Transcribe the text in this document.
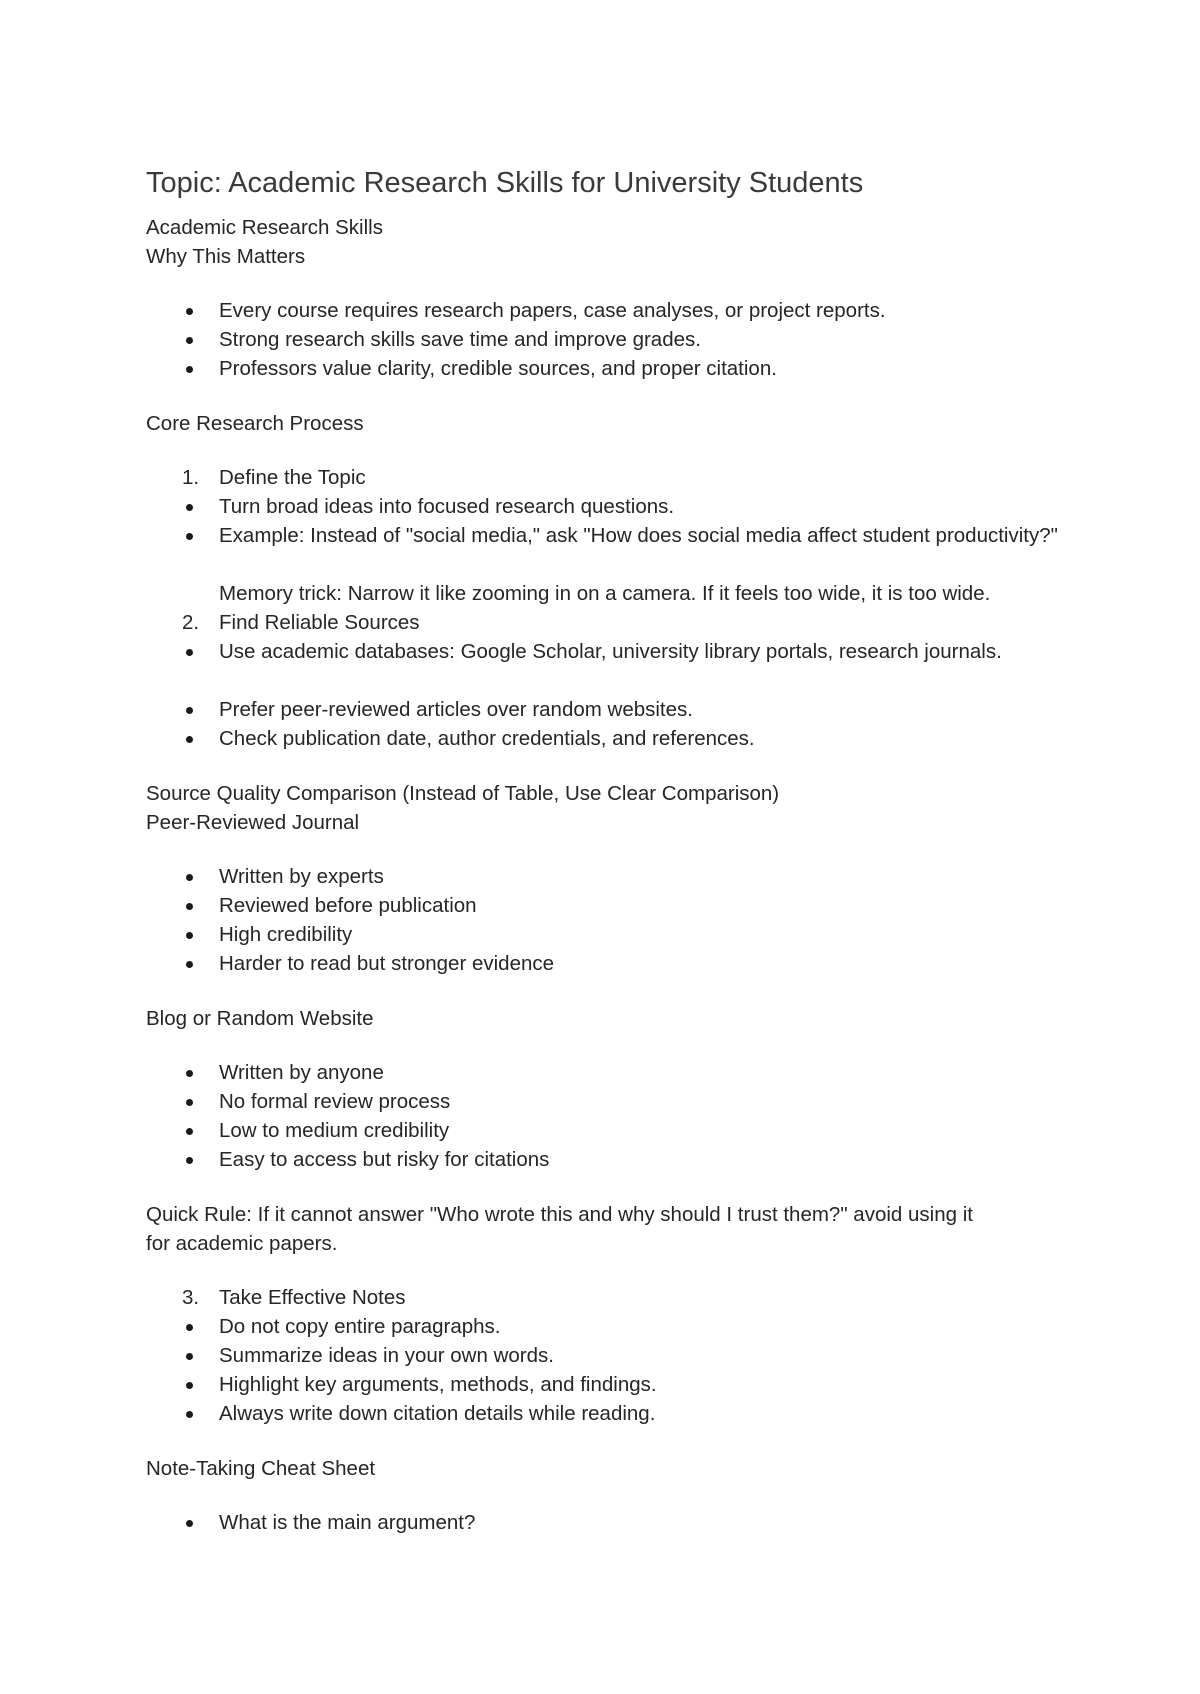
Topic: Academic Research Skills for University Students
Academic Research Skills
Why This Matters
Every course requires research papers, case analyses, or project reports.
Strong research skills save time and improve grades.
Professors value clarity, credible sources, and proper citation.
Core Research Process
1. Define the Topic
Turn broad ideas into focused research questions.
Example: Instead of "social media," ask "How does social media affect student productivity?"
Memory trick: Narrow it like zooming in on a camera. If it feels too wide, it is too wide.
2. Find Reliable Sources
Use academic databases: Google Scholar, university library portals, research journals.
Prefer peer-reviewed articles over random websites.
Check publication date, author credentials, and references.
Source Quality Comparison (Instead of Table, Use Clear Comparison)
Peer-Reviewed Journal
Written by experts
Reviewed before publication
High credibility
Harder to read but stronger evidence
Blog or Random Website
Written by anyone
No formal review process
Low to medium credibility
Easy to access but risky for citations
Quick Rule: If it cannot answer "Who wrote this and why should I trust them?" avoid using it
for academic papers.
3. Take Effective Notes
Do not copy entire paragraphs.
Summarize ideas in your own words.
Highlight key arguments, methods, and findings.
Always write down citation details while reading.
Note-Taking Cheat Sheet
What is the main argument?
